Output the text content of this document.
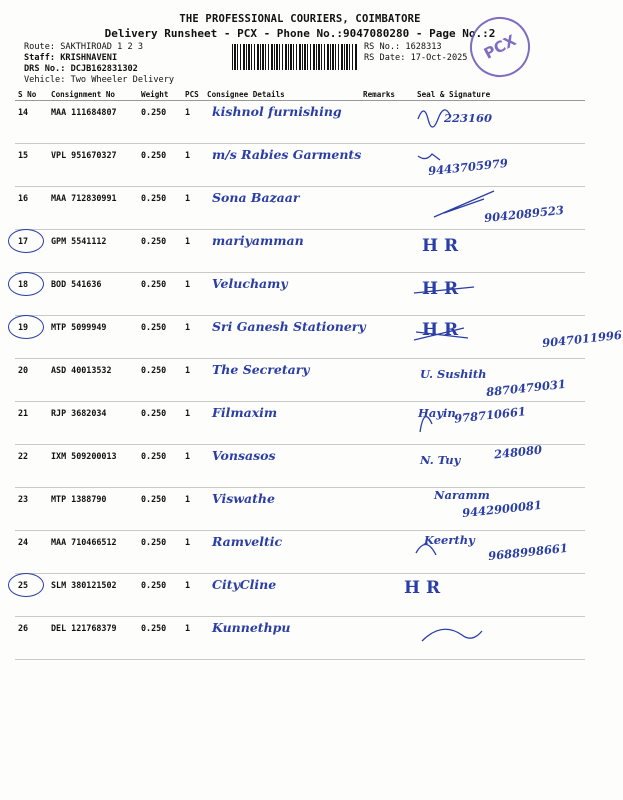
THE PROFESSIONAL COURIERS, COIMBATORE
Delivery Runsheet - PCX - Phone No.:9047080280 - Page No.:2
Route: SAKTHIROAD 1 2 3
Staff: KRISHNAVENI
DRS No.: DCJB162831302
Vehicle: Two Wheeler Delivery
RS No.: 1628313
RS Date: 17-Oct-2025 PCX
S No	Consignment No	Weight	PCS	Consignee Details	Remarks	Seal & Signature
14	MAA 111684807	0.250	1	kishnol furnishing		223160

15	VPL 951670327	0.250	1	m/s Rabies Garments		9443705979

16	MAA 712830991	0.250	1	Sona Bazaar		9042089523

17	GPM 5541112	0.250	1	mariyamman		H R

18	BOD 541636	0.250	1	Veluchamy		H R

19	MTP 5099949	0.250	1	Sri Ganesh Stationery		H R 9047011996

20	ASD 40013532	0.250	1	The Secretary		U. Sushith
8870479031

21	RJP 3682034	0.250	1	Filmaxim		Hayin
978710661

22	IXM 509200013	0.250	1	Vonsasos		N. Tuy 248080

23	MTP 1388790	0.250	1	Viswathe		Naramm
9442900081

24	MAA 710466512	0.250	1	Ramveltic		Keerthy
9688998661

25	SLM 380121502	0.250	1	CityCline		H R

26	DEL 121768379	0.250	1	Kunnethpu
